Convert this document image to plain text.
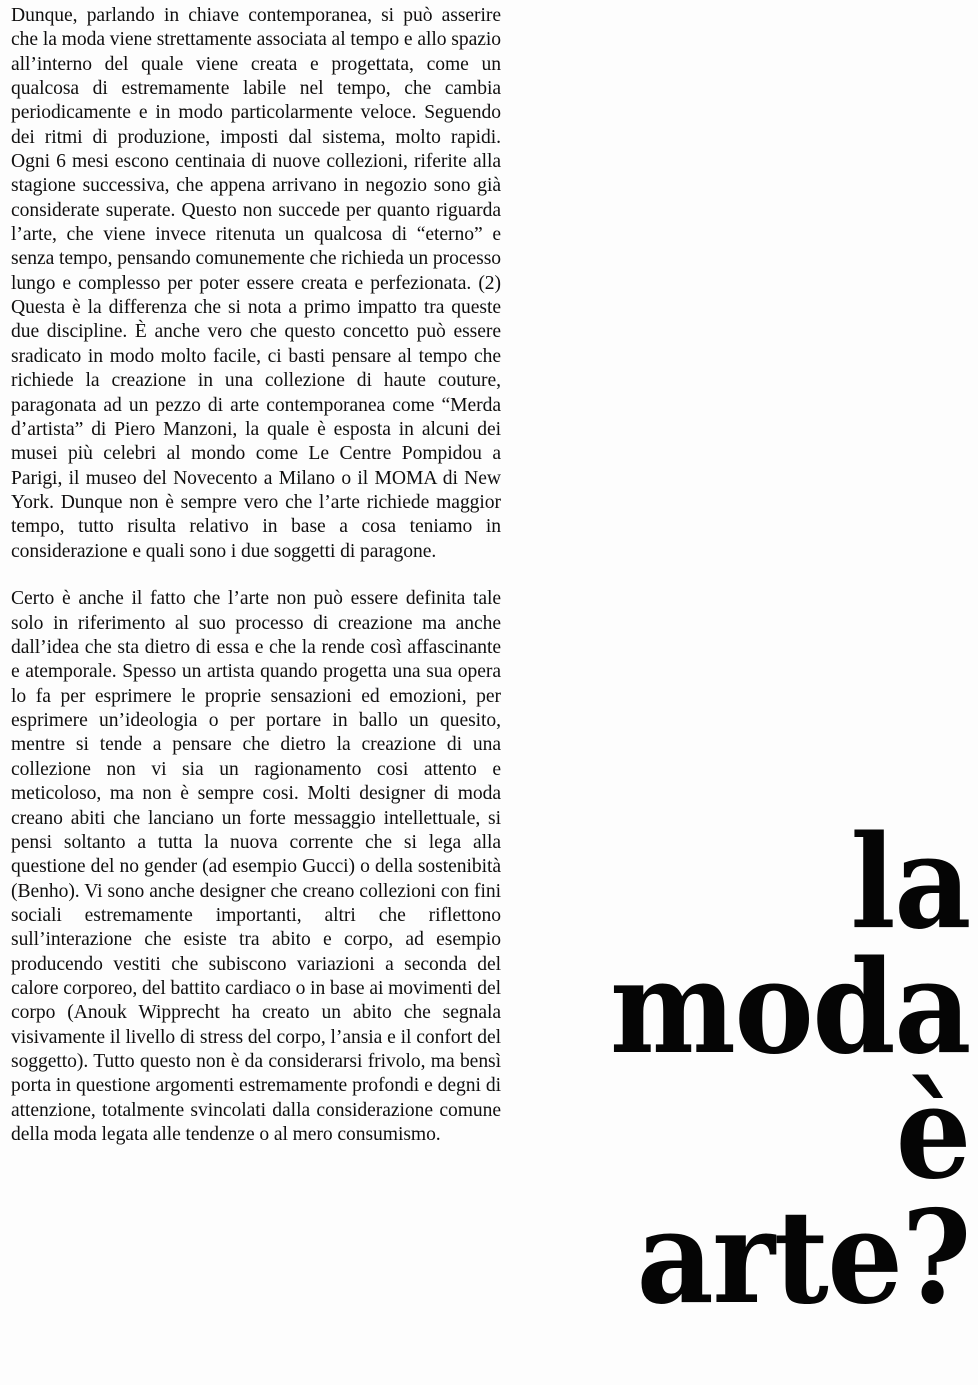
Dunque, parlando in chiave contemporanea, si può asserire che la moda viene strettamente associata al tempo e allo spazio all’interno del quale viene creata e progettata, come un qualcosa di estremamente labile nel tempo, che cambia periodicamente e in modo particolarmente veloce. Seguendo dei ritmi di produzione, imposti dal sistema, molto rapidi. Ogni 6 mesi escono centinaia di nuove collezioni, riferite alla stagione successiva, che appena arrivano in negozio sono già considerate superate. Questo non succede per quanto riguarda l’arte, che viene invece ritenuta un qualcosa di “eterno” e senza tempo, pensando comunemente che richieda un processo lungo e complesso per poter essere creata e perfezionata. (2) Questa è la differenza che si nota a primo impatto tra queste due discipline. È anche vero che questo concetto può essere sradicato in modo molto facile, ci basti pensare al tempo che richiede la creazione in una collezione di haute couture, paragonata ad un pezzo di arte contemporanea come “Merda d’artista” di Piero Manzoni, la quale è esposta in alcuni dei musei più celebri al mondo come Le Centre Pompidou a Parigi, il museo del Novecento a Milano o il MOMA di New York. Dunque non è sempre vero che l’arte richiede maggior tempo, tutto risulta relativo in base a cosa teniamo in considerazione e quali sono i due soggetti di paragone.

Certo è anche il fatto che l’arte non può essere definita tale solo in riferimento al suo processo di creazione ma anche dall’idea che sta dietro di essa e che la rende così affascinante e atemporale. Spesso un artista quando progetta una sua opera lo fa per esprimere le proprie sensazioni ed emozioni, per esprimere un’ideologia o per portare in ballo un quesito, mentre si tende a pensare che dietro la creazione di una collezione non vi sia un ragionamento cosi attento e meticoloso, ma non è sempre cosi. Molti designer di moda creano abiti che lanciano un forte messaggio intellettuale, si pensi soltanto a tutta la nuova corrente che si lega alla questione del no gender (ad esempio Gucci) o della sostenibità (Benho). Vi sono anche designer che creano collezioni con fini sociali estremamente importanti, altri che riflettono sull’interazione che esiste tra abito e corpo, ad esempio producendo vestiti che subiscono variazioni a seconda del calore corporeo, del battito cardiaco o in base ai movimenti del corpo (Anouk Wipprecht ha creato un abito che segnala visivamente il livello di stress del corpo, l’ansia e il confort del soggetto). Tutto questo non è da considerarsi frivolo, ma bensì porta in questione argomenti estremamente profondi e degni di attenzione, totalmente svincolati dalla considerazione comune della moda legata alle tendenze o al mero consumismo.

la
moda
è
arte?
